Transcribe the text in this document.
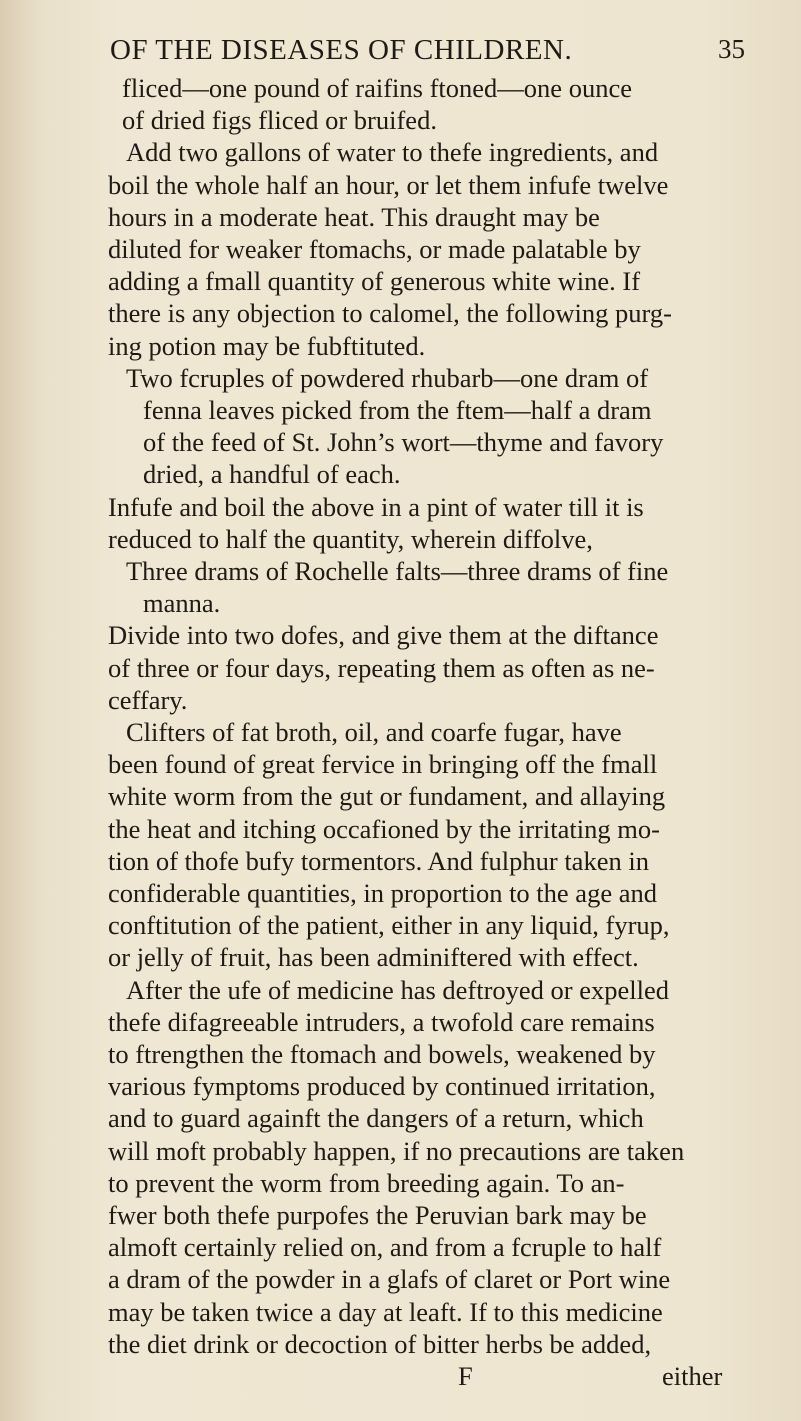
OF THE DISEASES OF CHILDREN.	35
fliced—one pound of raifins ftoned—one ounce
of dried figs fliced or bruifed.
Add two gallons of water to thefe ingredients, and
boil the whole half an hour, or let them infufe twelve
hours in a moderate heat. This draught may be
diluted for weaker ftomachs, or made palatable by
adding a fmall quantity of generous white wine. If
there is any objection to calomel, the following purg-
ing potion may be fubftituted.
Two fcruples of powdered rhubarb—one dram of
fenna leaves picked from the ftem—half a dram
of the feed of St. John’s wort—thyme and favory
dried, a handful of each.
Infufe and boil the above in a pint of water till it is
reduced to half the quantity, wherein diffolve,
Three drams of Rochelle falts—three drams of fine
manna.
Divide into two dofes, and give them at the diftance
of three or four days, repeating them as often as ne-
ceffary.
Clifters of fat broth, oil, and coarfe fugar, have
been found of great fervice in bringing off the fmall
white worm from the gut or fundament, and allaying
the heat and itching occafioned by the irritating mo-
tion of thofe bufy tormentors. And fulphur taken in
confiderable quantities, in proportion to the age and
conftitution of the patient, either in any liquid, fyrup,
or jelly of fruit, has been adminiftered with effect.
After the ufe of medicine has deftroyed or expelled
thefe difagreeable intruders, a twofold care remains
to ftrengthen the ftomach and bowels, weakened by
various fymptoms produced by continued irritation,
and to guard againft the dangers of a return, which
will moft probably happen, if no precautions are taken
to prevent the worm from breeding again. To an-
fwer both thefe purpofes the Peruvian bark may be
almoft certainly relied on, and from a fcruple to half
a dram of the powder in a glafs of claret or Port wine
may be taken twice a day at leaft. If to this medicine
the diet drink or decoction of bitter herbs be added,
F	either
